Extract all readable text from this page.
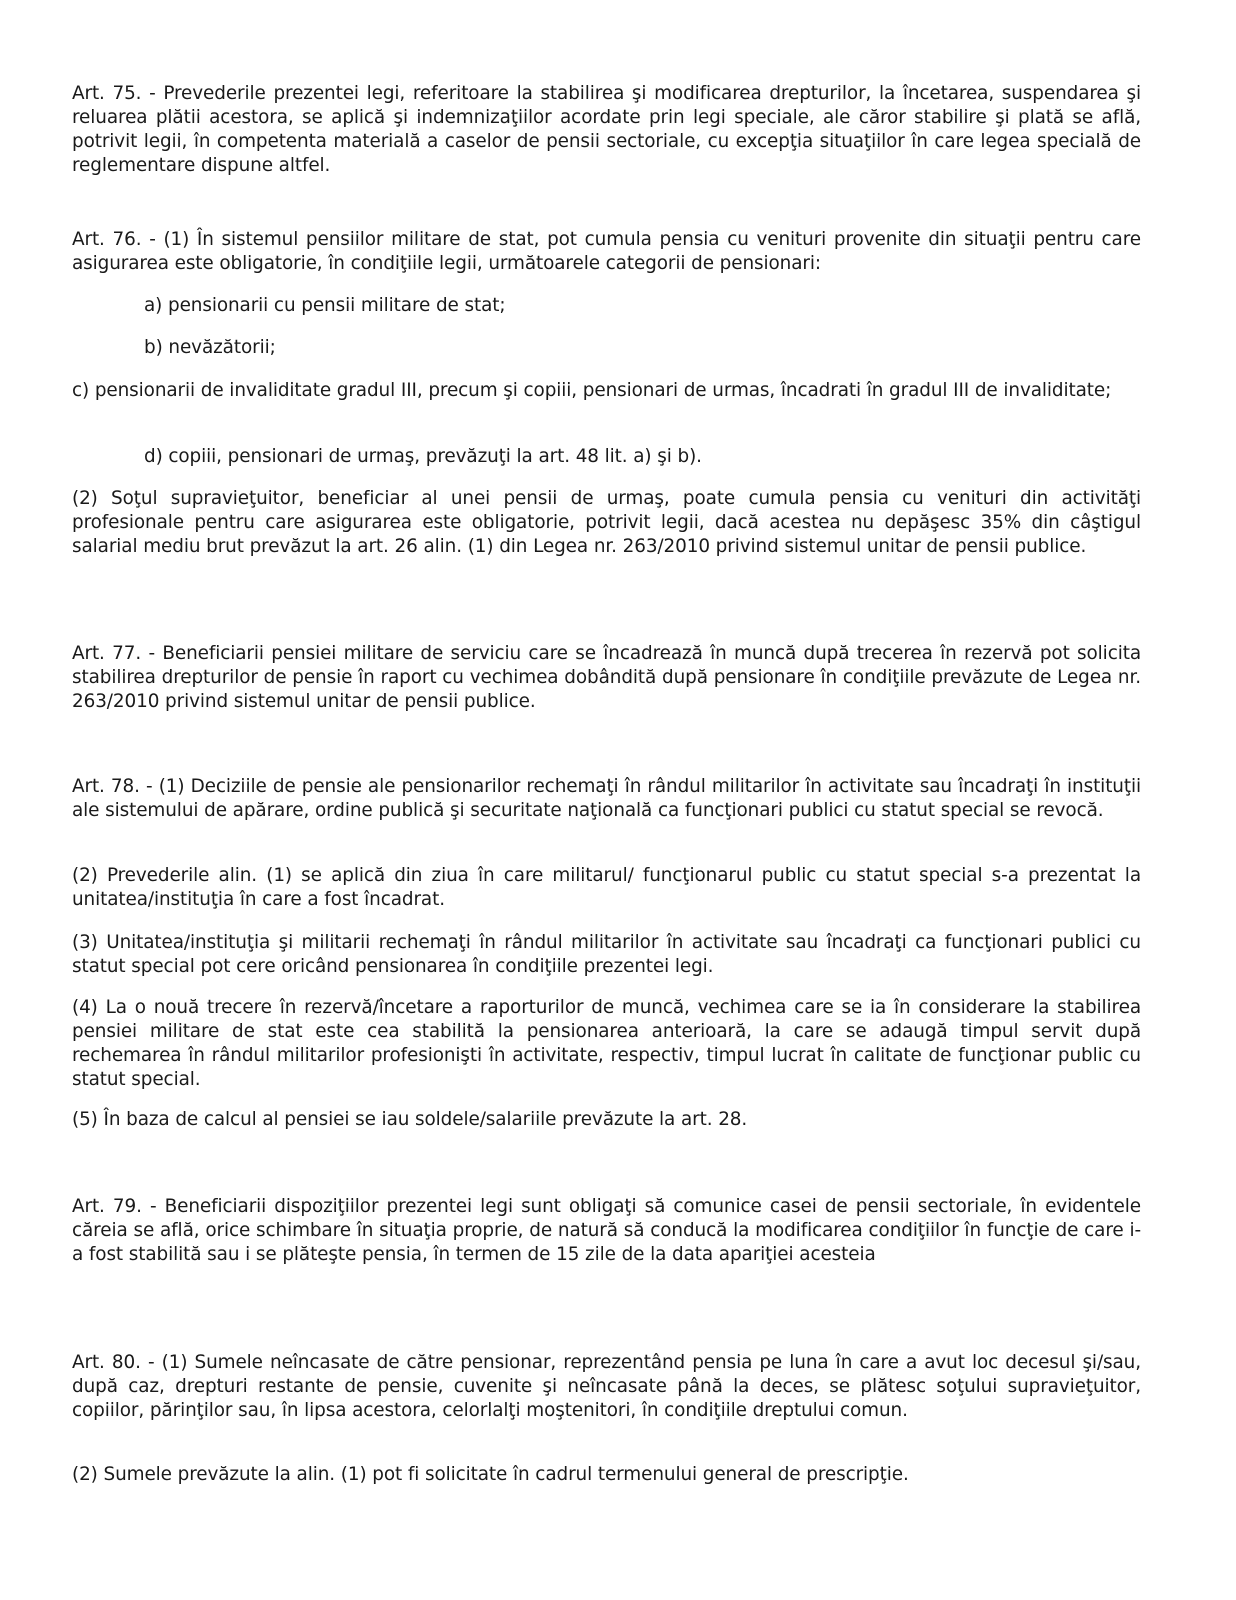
Art. 75. - Prevederile prezentei legi, referitoare la stabilirea şi modificarea drepturilor, la încetarea, suspendarea şi reluarea plătii acestora, se aplică şi indemnizaţiilor acordate prin legi speciale, ale căror stabilire şi plată se află, potrivit legii, în competenta materială a caselor de pensii sectoriale, cu excepţia situaţiilor în care legea specială de reglementare dispune altfel.

Art. 76. - (1) În sistemul pensiilor militare de stat, pot cumula pensia cu venituri provenite din situaţii pentru care asigurarea este obligatorie, în condiţiile legii, următoarele categorii de pensionari:

a) pensionarii cu pensii militare de stat;

b) nevăzătorii;

c) pensionarii de invaliditate gradul III, precum şi copiii, pensionari de urmas, încadrati în gradul III de invaliditate;

d) copiii, pensionari de urmaş, prevăzuţi la art. 48 lit. a) şi b).

(2) Soţul supravieţuitor, beneficiar al unei pensii de urmaş, poate cumula pensia cu venituri din activităţi profesionale pentru care asigurarea este obligatorie, potrivit legii, dacă acestea nu depăşesc 35% din câştigul salarial mediu brut prevăzut la art. 26 alin. (1) din Legea nr. 263/2010 privind sistemul unitar de pensii publice.

Art. 77. - Beneficiarii pensiei militare de serviciu care se încadrează în muncă după trecerea în rezervă pot solicita stabilirea drepturilor de pensie în raport cu vechimea dobândită după pensionare în condiţiile prevăzute de Legea nr. 263/2010 privind sistemul unitar de pensii publice.

Art. 78. - (1) Deciziile de pensie ale pensionarilor rechemaţi în rândul militarilor în activitate sau încadraţi în instituţii ale sistemului de apărare, ordine publică şi securitate naţională ca funcţionari publici cu statut special se revocă.

(2) Prevederile alin. (1) se aplică din ziua în care militarul/ funcţionarul public cu statut special s-a prezentat la unitatea/instituţia în care a fost încadrat.

(3) Unitatea/instituţia şi militarii rechemaţi în rândul militarilor în activitate sau încadraţi ca funcţionari publici cu statut special pot cere oricând pensionarea în condiţiile prezentei legi.

(4) La o nouă trecere în rezervă/încetare a raporturilor de muncă, vechimea care se ia în considerare la stabilirea pensiei militare de stat este cea stabilită la pensionarea anterioară, la care se adaugă timpul servit după rechemarea în rândul militarilor profesionişti în activitate, respectiv, timpul lucrat în calitate de funcţionar public cu statut special.

(5) În baza de calcul al pensiei se iau soldele/salariile prevăzute la art. 28.

Art. 79. - Beneficiarii dispoziţiilor prezentei legi sunt obligaţi să comunice casei de pensii sectoriale, în evidentele căreia se află, orice schimbare în situaţia proprie, de natură să conducă la modificarea condiţiilor în funcţie de care i-a fost stabilită sau i se plăteşte pensia, în termen de 15 zile de la data apariţiei acesteia

Art. 80. - (1) Sumele neîncasate de către pensionar, reprezentând pensia pe luna în care a avut loc decesul şi/sau, după caz, drepturi restante de pensie, cuvenite şi neîncasate până la deces, se plătesc soţului supravieţuitor, copiilor, părinţilor sau, în lipsa acestora, celorlalţi moştenitori, în condiţiile dreptului comun.

(2) Sumele prevăzute la alin. (1) pot fi solicitate în cadrul termenului general de prescripţie.
